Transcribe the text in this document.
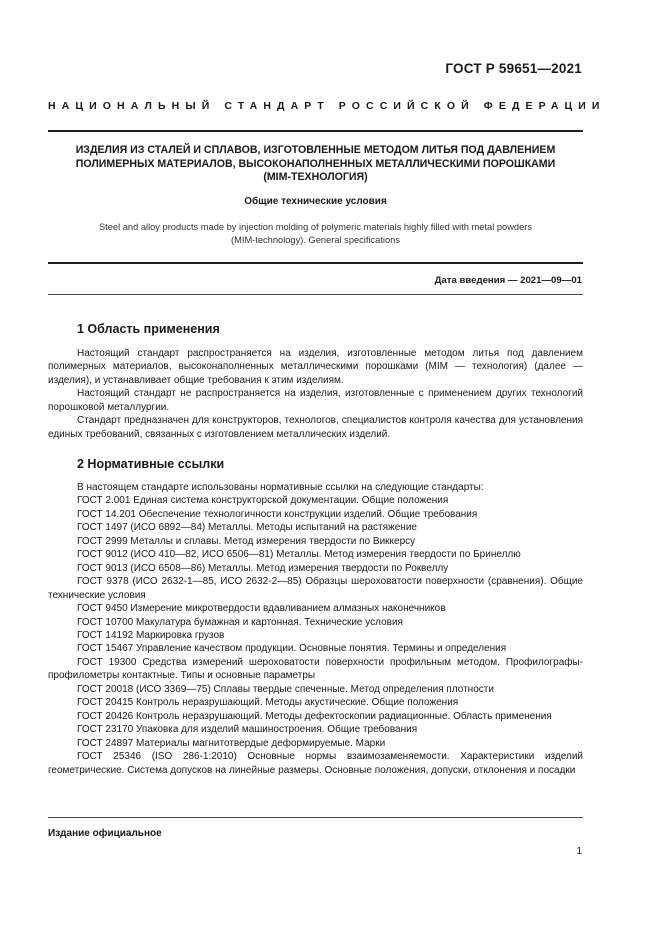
ГОСТ Р 59651—2021
НАЦИОНАЛЬНЫЙ СТАНДАРТ РОССИЙСКОЙ ФЕДЕРАЦИИ
ИЗДЕЛИЯ ИЗ СТАЛЕЙ И СПЛАВОВ, ИЗГОТОВЛЕННЫЕ МЕТОДОМ ЛИТЬЯ ПОД ДАВЛЕНИЕМ
ПОЛИМЕРНЫХ МАТЕРИАЛОВ, ВЫСОКОНАПОЛНЕННЫХ МЕТАЛЛИЧЕСКИМИ ПОРОШКАМИ
(MIM-ТЕХНОЛОГИЯ)
Общие технические условия
Steel and alloy products made by injection molding of polymeric materials highly filled with metal powders
(MIM-technology). General specifications
Дата введения — 2021—09—01
1 Область применения

Настоящий стандарт распространяется на изделия, изготовленные методом литья под давлением полимерных материалов, высоконаполненных металлическими порошками (MIM — технология) (далее — изделия), и устанавливает общие требования к этим изделиям.

Настоящий стандарт не распространяется на изделия, изготовленные с применением других технологий порошковой металлургии.

Стандарт предназначен для конструкторов, технологов, специалистов контроля качества для установления единых требований, связанных с изготовлением металлических изделий.

2 Нормативные ссылки

В настоящем стандарте использованы нормативные ссылки на следующие стандарты:

ГОСТ 2.001 Единая система конструкторской документации. Общие положения

ГОСТ 14.201 Обеспечение технологичности конструкции изделий. Общие требования

ГОСТ 1497 (ИСО 6892—84) Металлы. Методы испытаний на растяжение

ГОСТ 2999 Металлы и сплавы. Метод измерения твердости по Виккерсу

ГОСТ 9012 (ИСО 410—82, ИСО 6506—81) Металлы. Метод измерения твердости по Бринеллю

ГОСТ 9013 (ИСО 6508—86) Металлы. Метод измерения твердости по Роквеллу

ГОСТ 9378 (ИСО 2632-1—85, ИСО 2632-2—85) Образцы шероховатости поверхности (сравнения). Общие технические условия

ГОСТ 9450 Измерение микротвердости вдавливанием алмазных наконечников

ГОСТ 10700 Макулатура бумажная и картонная. Технические условия

ГОСТ 14192 Маркировка грузов

ГОСТ 15467 Управление качеством продукции. Основные понятия. Термины и определения

ГОСТ 19300 Средства измерений шероховатости поверхности профильным методом. Профилографы-профилометры контактные. Типы и основные параметры

ГОСТ 20018 (ИСО 3369—75) Сплавы твердые спеченные. Метод определения плотности

ГОСТ 20415 Контроль неразрушающий. Методы акустические. Общие положения

ГОСТ 20426 Контроль неразрушающий. Методы дефектоскопии радиационные. Область применения

ГОСТ 23170 Упаковка для изделий машиностроения. Общие требования

ГОСТ 24897 Материалы магнитотвердые деформируемые. Марки

ГОСТ 25346 (ISO 286-1:2010) Основные нормы взаимозаменяемости. Характеристики изделий геометрические. Система допусков на линейные размеры. Основные положения, допуски, отклонения и посадки

Издание официальное
1
